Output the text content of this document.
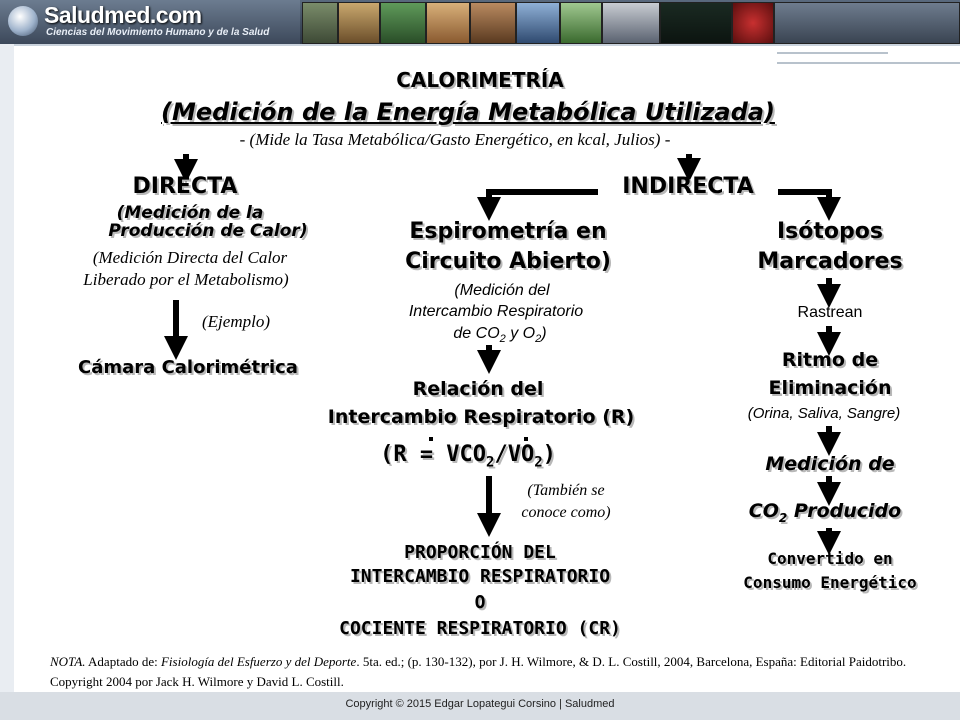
Saludmed.com
Ciencias del Movimiento Humano y de la Salud
CALORIMETRÍA
(Medición de la Energía Metabólica Utilizada)
- (Mide la Tasa Metabólica/Gasto Energético, en kcal, Julios) -
DIRECTA
(Medición de la
Producción de Calor)
(Medición Directa del Calor
Liberado por el Metabolismo)
(Ejemplo)
Cámara Calorimétrica
INDIRECTA
Espirometría en
Circuito Abierto)
(Medición del
Intercambio Respiratorio
de $CO_2$ y $O_2$)
Relación del
Intercambio Respiratorio (R)
$(R = VCO_2/VO_2)$
(También se
conoce como)
PROPORCIÓN DEL
INTERCAMBIO RESPIRATORIO
O
COCIENTE RESPIRATORIO (CR)
Isótopos
Marcadores
Rastrean
Ritmo de
Eliminación
(Orina, Saliva, Sangre)
Medición de
$CO_2$ Producido
Convertido en
Consumo Energético
NOTA. Adaptado de: Fisiología del Esfuerzo y del Deporte. 5ta. ed.; (p. 130-132), por J. H. Wilmore, & D. L. Costill, 2004, Barcelona, España: Editorial Paidotribo. Copyright 2004 por Jack H. Wilmore y David L. Costill.
Copyright © 2015 Edgar Lopategui Corsino | Saludmed
